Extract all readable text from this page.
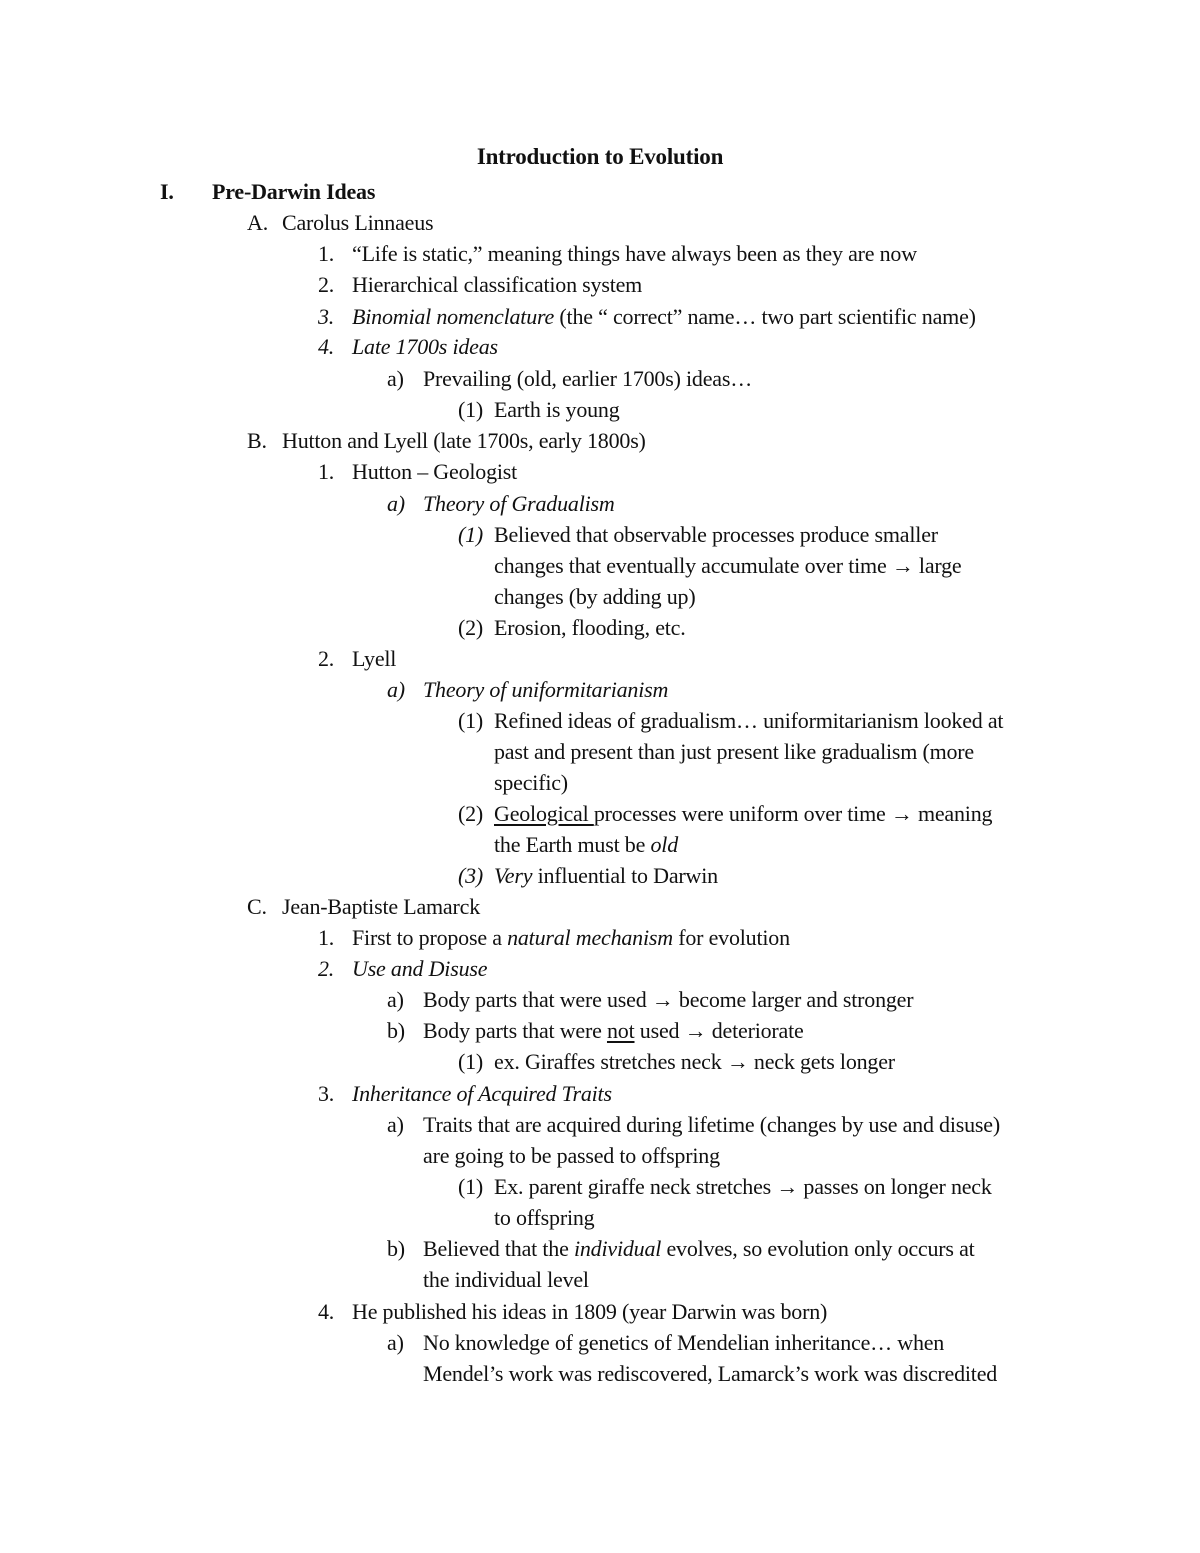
Introduction to Evolution
I. Pre-Darwin Ideas
A. Carolus Linnaeus
1. “Life is static,” meaning things have always been as they are now
2. Hierarchical classification system
3. Binomial nomenclature (the “ correct” name… two part scientific name)
4. Late 1700s ideas
a) Prevailing (old, earlier 1700s) ideas…
(1) Earth is young
B. Hutton and Lyell (late 1700s, early 1800s)
1. Hutton – Geologist
a) Theory of Gradualism
(1) Believed that observable processes produce smaller
changes that eventually accumulate over time → large
changes (by adding up)
(2) Erosion, flooding, etc.
2. Lyell
a) Theory of uniformitarianism
(1) Refined ideas of gradualism… uniformitarianism looked at
past and present than just present like gradualism (more
specific)
(2) Geological processes were uniform over time → meaning
the Earth must be old
(3) Very influential to Darwin
C. Jean-Baptiste Lamarck
1. First to propose a natural mechanism for evolution
2. Use and Disuse
a) Body parts that were used → become larger and stronger
b) Body parts that were not used → deteriorate
(1) ex. Giraffes stretches neck → neck gets longer
3. Inheritance of Acquired Traits
a) Traits that are acquired during lifetime (changes by use and disuse)
are going to be passed to offspring
(1) Ex. parent giraffe neck stretches → passes on longer neck
to offspring
b) Believed that the individual evolves, so evolution only occurs at
the individual level
4. He published his ideas in 1809 (year Darwin was born)
a) No knowledge of genetics of Mendelian inheritance… when
Mendel’s work was rediscovered, Lamarck’s work was discredited
